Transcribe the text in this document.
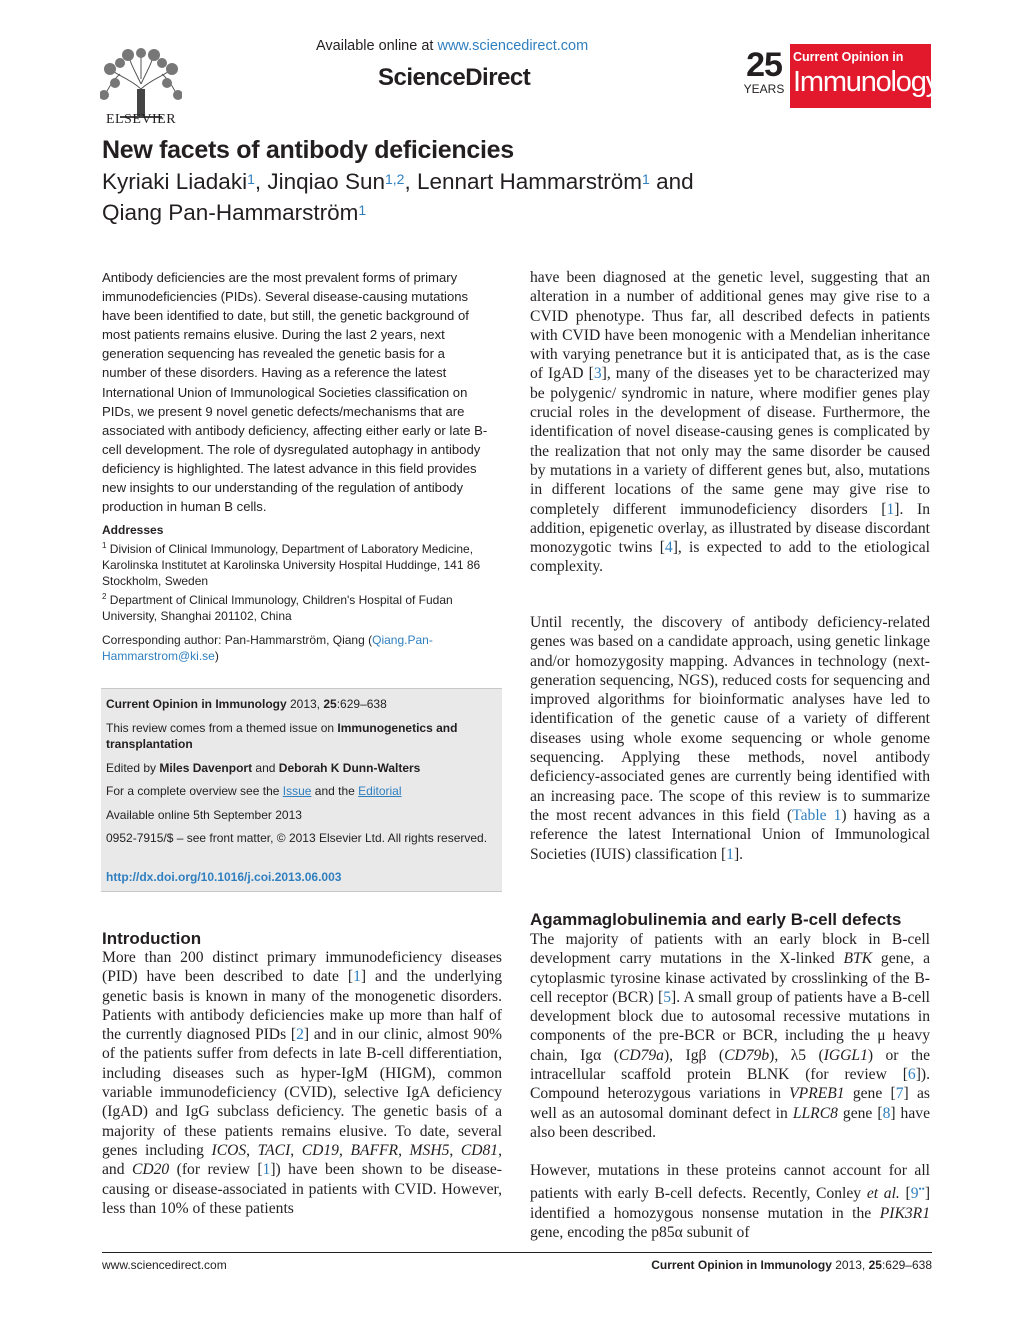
ELSEVIER
Available online at www.sciencedirect.com
ScienceDirect	25
YEARS
Current Opinion in
Immunology
New facets of antibody deficiencies
Kyriaki Liadaki$^1$, Jinqiao Sun$^{1,2}$, Lennart Hammarström$^1$ and
Qiang Pan-Hammarström$^1$
Antibody deficiencies are the most prevalent forms of primary immunodeficiencies (PIDs). Several disease-causing mutations have been identified to date, but still, the genetic background of most patients remains elusive. During the last 2 years, next generation sequencing has revealed the genetic basis for a number of these disorders. Having as a reference the latest International Union of Immunological Societies classification on PIDs, we present 9 novel genetic defects/mechanisms that are associated with antibody deficiency, affecting either early or late B-cell development. The role of dysregulated autophagy in antibody deficiency is highlighted. The latest advance in this field provides new insights to our understanding of the regulation of antibody production in human B cells.
Addresses
$^1$ Division of Clinical Immunology, Department of Laboratory Medicine, Karolinska Institutet at Karolinska University Hospital Huddinge, 141 86 Stockholm, Sweden
$^2$ Department of Clinical Immunology, Children's Hospital of Fudan University, Shanghai 201102, China
Corresponding author: Pan-Hammarström, Qiang (Qiang.Pan-Hammarstrom@ki.se)

Current Opinion in Immunology 2013, 25:629–638

This review comes from a themed issue on Immunogenetics and transplantation

Edited by Miles Davenport and Deborah K Dunn-Walters

For a complete overview see the Issue and the Editorial

Available online 5th September 2013

0952-7915/$ – see front matter, © 2013 Elsevier Ltd. All rights reserved.

http://dx.doi.org/10.1016/j.coi.2013.06.003

Introduction

More than 200 distinct primary immunodeficiency diseases (PID) have been described to date [1] and the underlying genetic basis is known in many of the monogenetic disorders. Patients with antibody deficiencies make up more than half of the currently diagnosed PIDs [2] and in our clinic, almost 90% of the patients suffer from defects in late B-cell differentiation, including diseases such as hyper-IgM (HIGM), common variable immunodeficiency (CVID), selective IgA deficiency (IgAD) and IgG subclass deficiency. The genetic basis of a majority of these patients remains elusive. To date, several genes including ICOS, TACI, CD19, BAFFR, MSH5, CD81, and CD20 (for review [1]) have been shown to be disease-causing or disease-associated in patients with CVID. However, less than 10% of these patients

have been diagnosed at the genetic level, suggesting that an alteration in a number of additional genes may give rise to a CVID phenotype. Thus far, all described defects in patients with CVID have been monogenic with a Mendelian inheritance with varying penetrance but it is anticipated that, as is the case of IgAD [3], many of the diseases yet to be characterized may be polygenic/ syndromic in nature, where modifier genes play crucial roles in the development of disease. Furthermore, the identification of novel disease-causing genes is complicated by the realization that not only may the same disorder be caused by mutations in a variety of different genes but, also, mutations in different locations of the same gene may give rise to completely different immunodeficiency disorders [1]. In addition, epigenetic overlay, as illustrated by disease discordant monozygotic twins [4], is expected to add to the etiological complexity.

Until recently, the discovery of antibody deficiency-related genes was based on a candidate approach, using genetic linkage and/or homozygosity mapping. Advances in technology (next-generation sequencing, NGS), reduced costs for sequencing and improved algorithms for bioinformatic analyses have led to identification of the genetic cause of a variety of different diseases using whole exome sequencing or whole genome sequencing. Applying these methods, novel antibody deficiency-associated genes are currently being identified with an increasing pace. The scope of this review is to summarize the most recent advances in this field (Table 1) having as a reference the latest International Union of Immunological Societies (IUIS) classification [1].

Agammaglobulinemia and early B-cell defects

The majority of patients with an early block in B-cell development carry mutations in the X-linked BTK gene, a cytoplasmic tyrosine kinase activated by crosslinking of the B-cell receptor (BCR) [5]. A small group of patients have a B-cell development block due to autosomal recessive mutations in components of the pre-BCR or BCR, including the μ heavy chain, Igα (CD79a), Igβ (CD79b), λ5 (IGGL1) or the intracellular scaffold protein BLNK (for review [6]). Compound heterozygous variations in VPREB1 gene [7] as well as an autosomal dominant defect in LLRC8 gene [8] have also been described.

However, mutations in these proteins cannot account for all patients with early B-cell defects. Recently, Conley et al. [9••] identified a homozygous nonsense mutation in the PIK3R1 gene, encoding the p85α subunit of

www.sciencedirect.com	Current Opinion in Immunology 2013, 25:629–638
